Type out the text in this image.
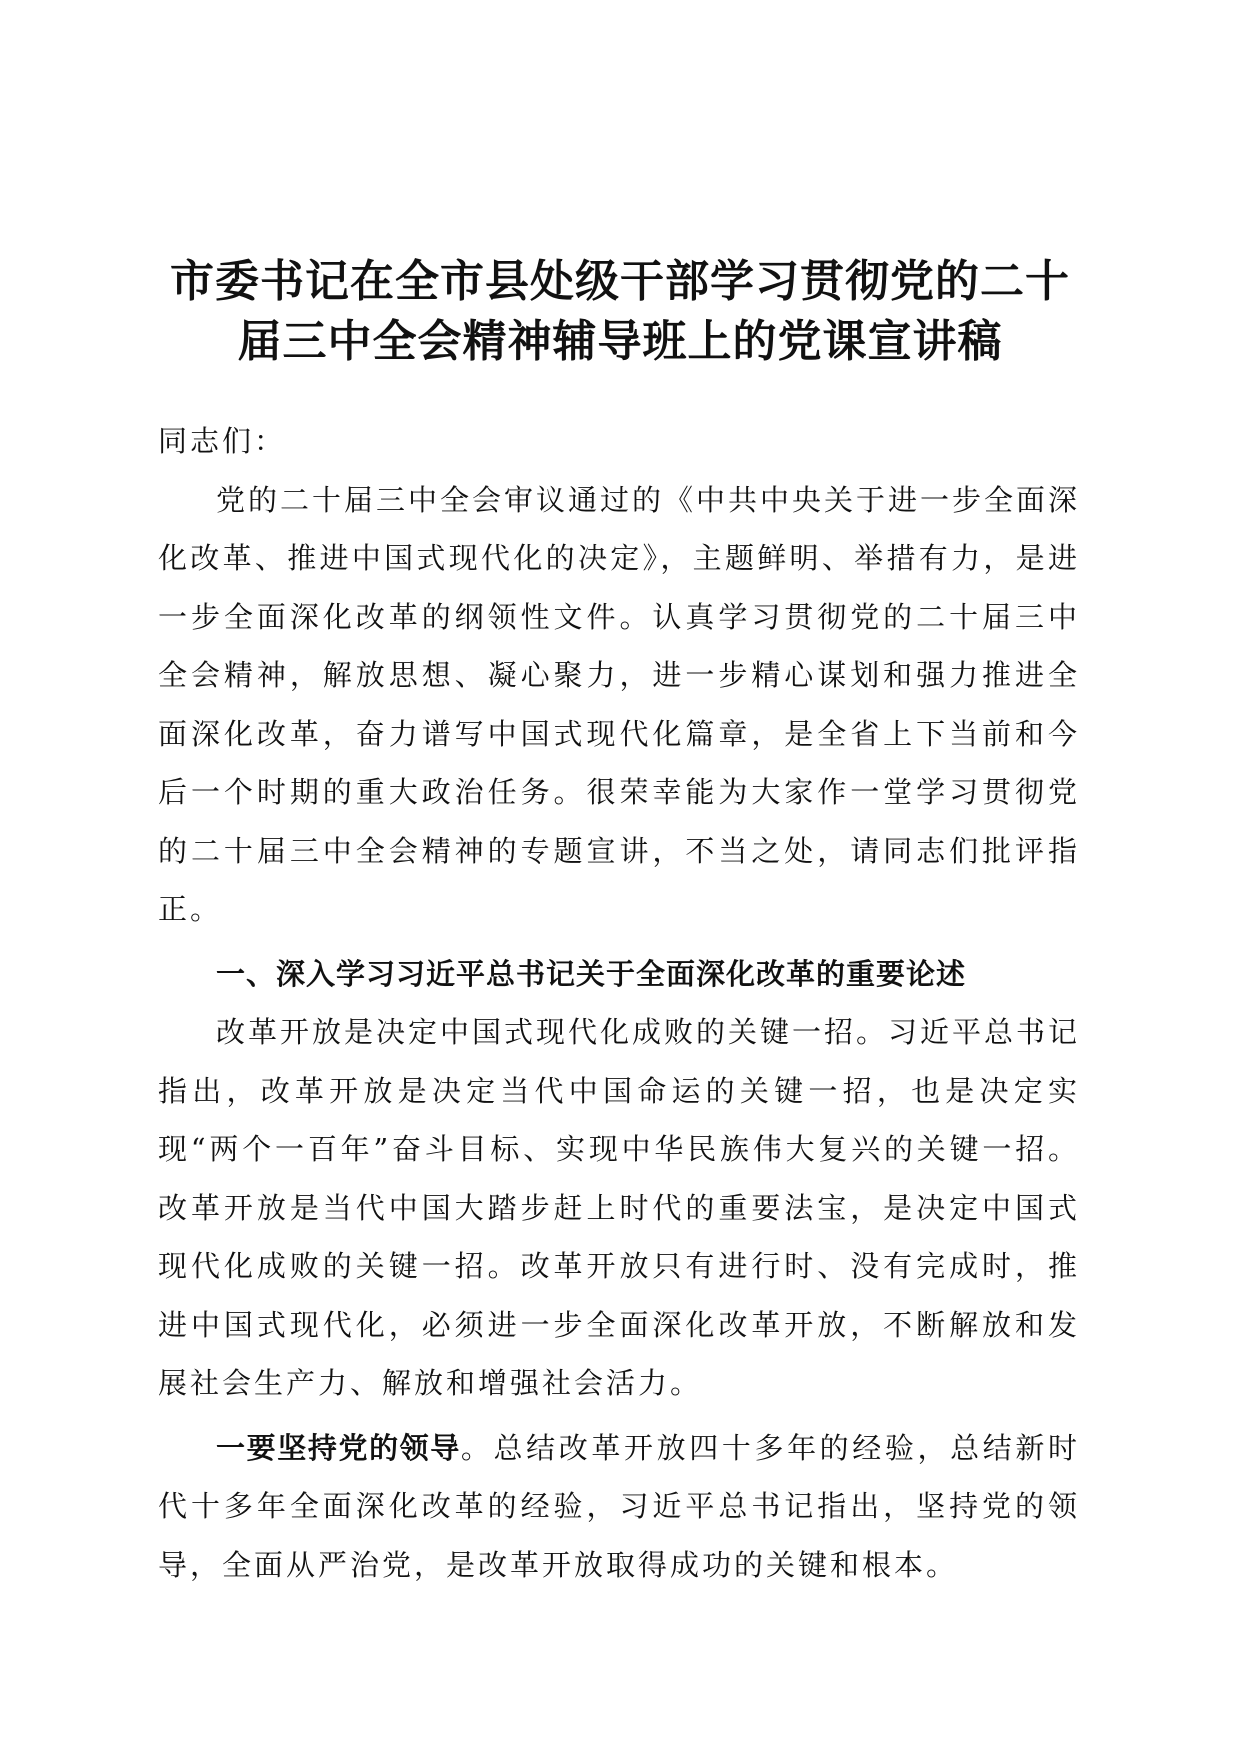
市委书记在全市县处级干部学习贯彻党的二十
届三中全会精神辅导班上的党课宣讲稿

同志们：

党的二十届三中全会审议通过的《中共中央关于进一步全面深化改革、推进中国式现代化的决定》，主题鲜明、举措有力，是进一步全面深化改革的纲领性文件。认真学习贯彻党的二十届三中全会精神，解放思想、凝心聚力，进一步精心谋划和强力推进全面深化改革，奋力谱写中国式现代化篇章，是全省上下当前和今后一个时期的重大政治任务。很荣幸能为大家作一堂学习贯彻党的二十届三中全会精神的专题宣讲，不当之处，请同志们批评指正。

一、深入学习习近平总书记关于全面深化改革的重要论述

改革开放是决定中国式现代化成败的关键一招。习近平总书记指出，改革开放是决定当代中国命运的关键一招，也是决定实现“两个一百年”奋斗目标、实现中华民族伟大复兴的关键一招。改革开放是当代中国大踏步赶上时代的重要法宝，是决定中国式现代化成败的关键一招。改革开放只有进行时、没有完成时，推进中国式现代化，必须进一步全面深化改革开放，不断解放和发展社会生产力、解放和增强社会活力。

一要坚持党的领导。总结改革开放四十多年的经验，总结新时代十多年全面深化改革的经验，习近平总书记指出，坚持党的领导，全面从严治党，是改革开放取得成功的关键和根本。
